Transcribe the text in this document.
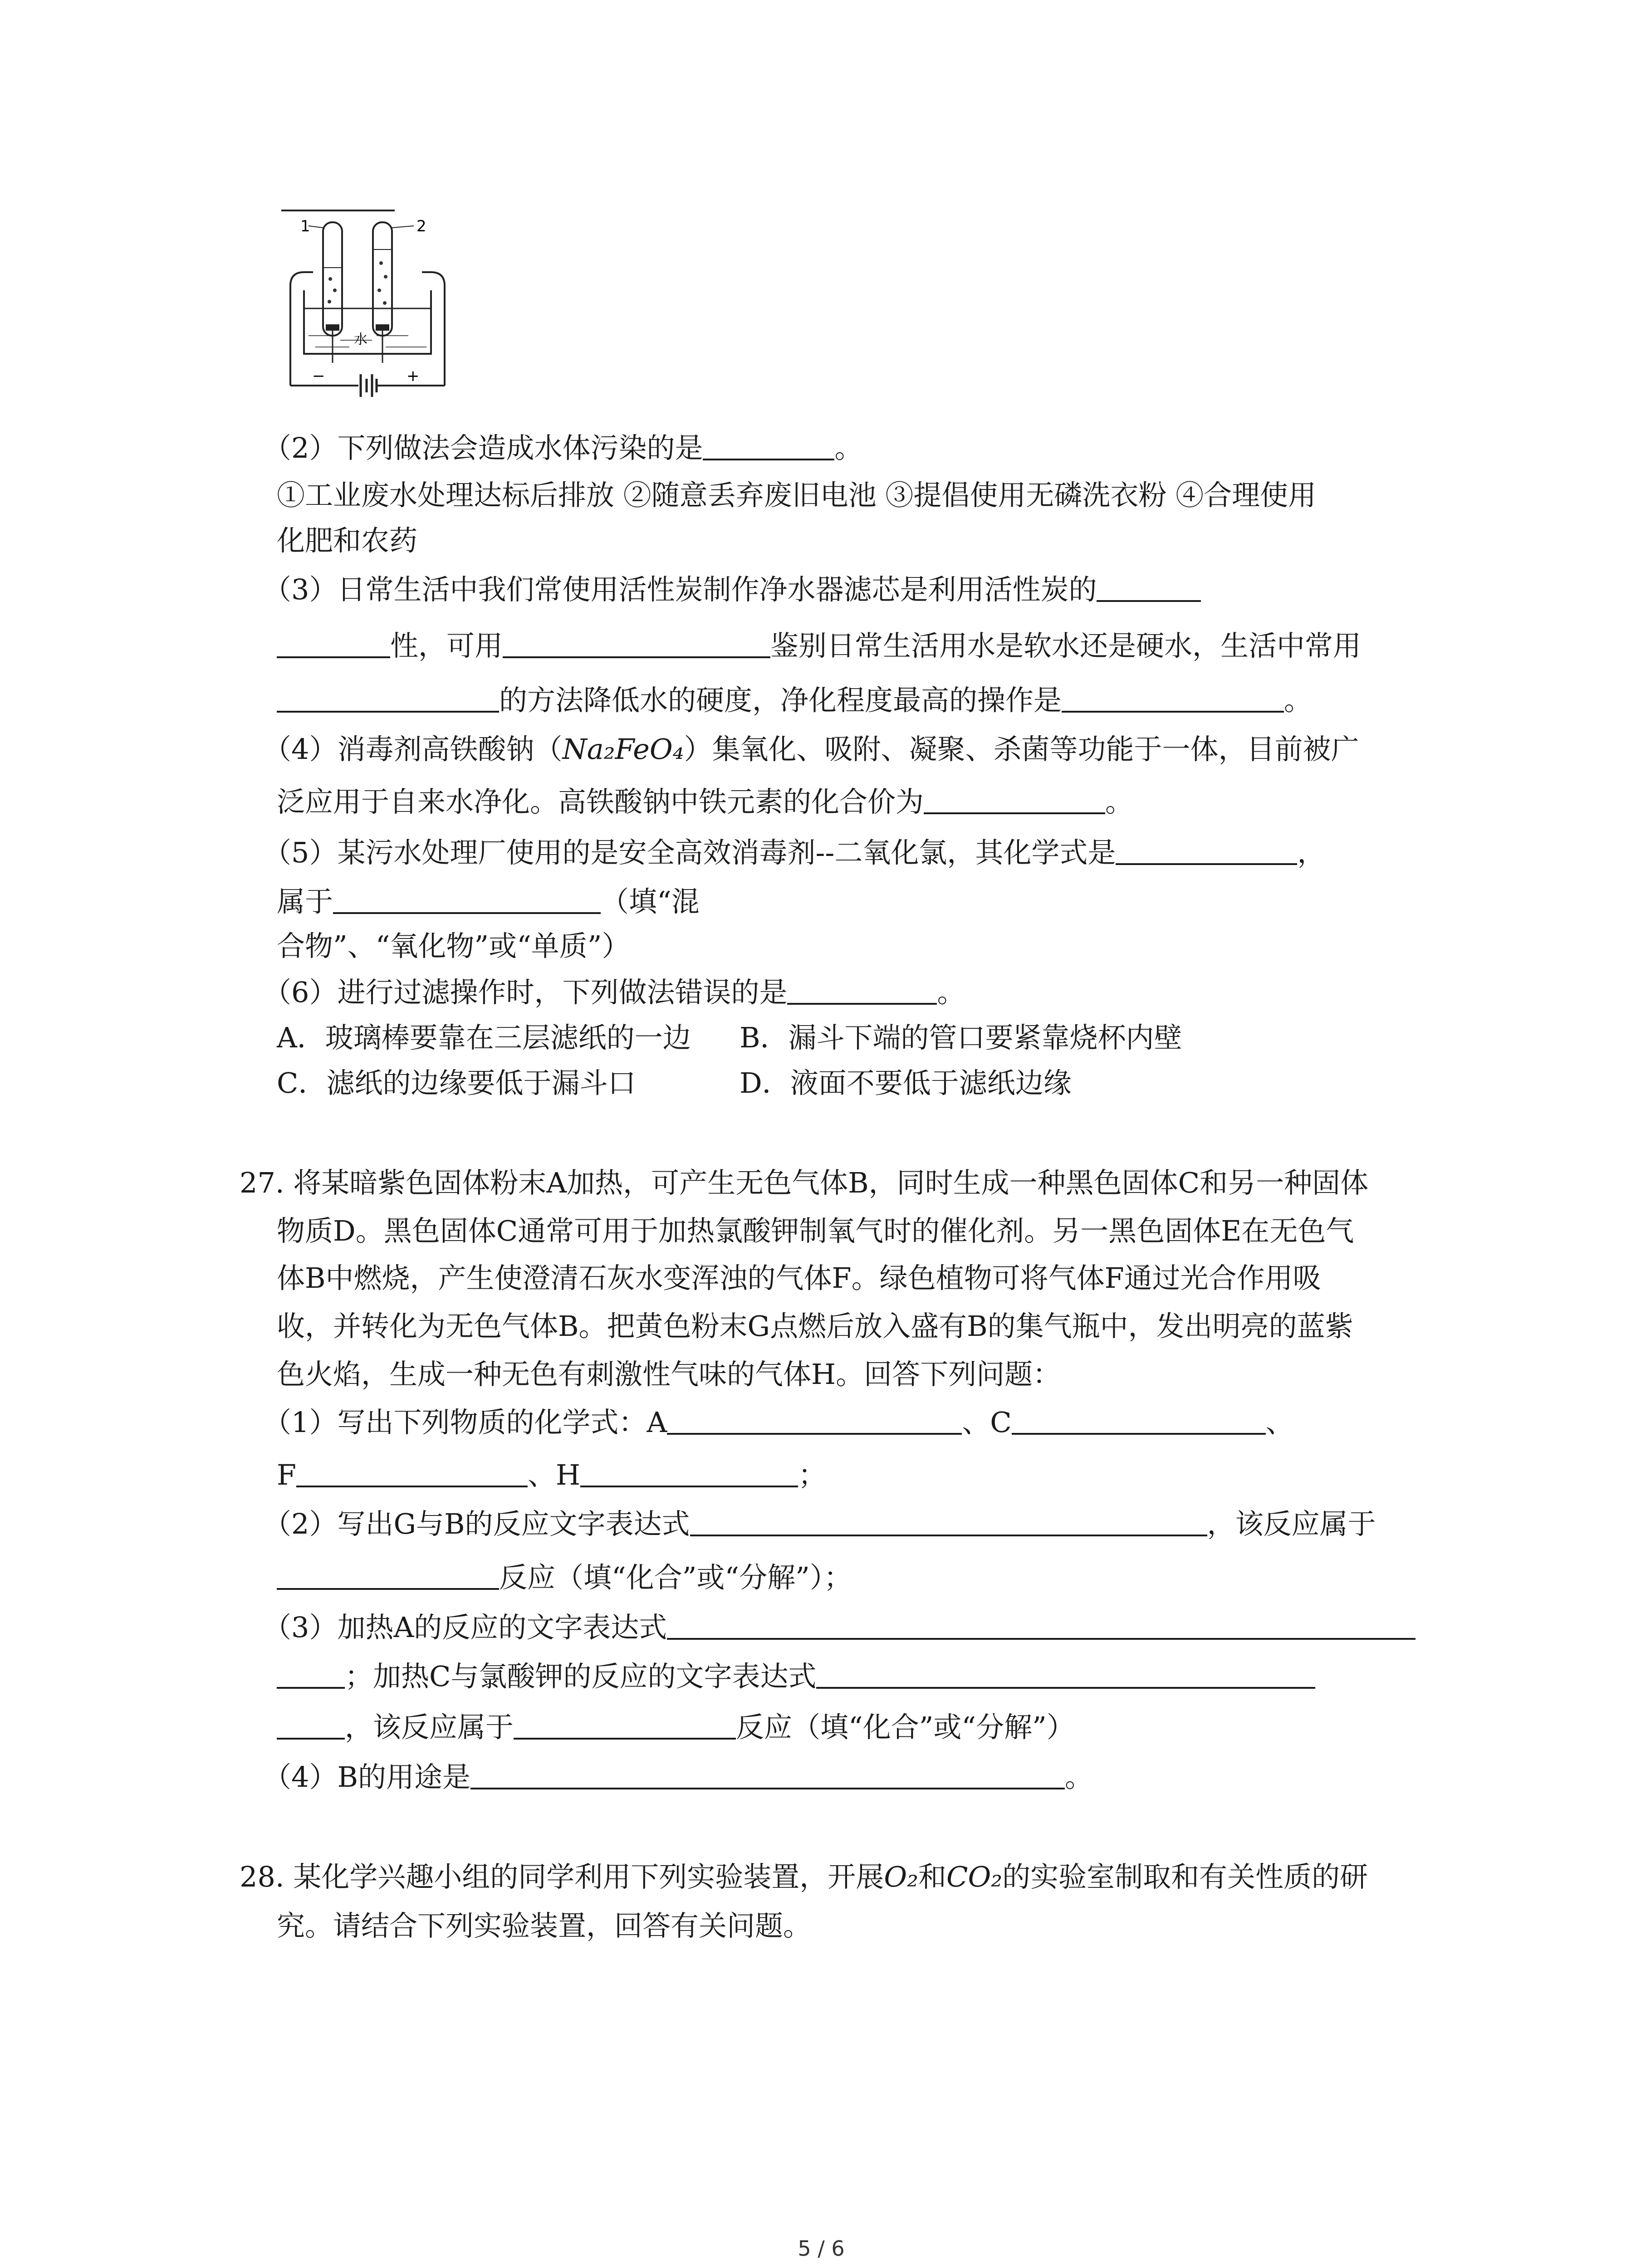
1	2
−	+
水
（2）下列做法会造成水体污染的是	。
①工业废水处理达标后排放 ②随意丢弃废旧电池 ③提倡使用无磷洗衣粉 ④合理使用
化肥和农药
（3）日常生活中我们常使用活性炭制作净水器滤芯是利用活性炭的
性，可用	鉴别日常生活用水是软水还是硬水，生活中常用
的方法降低水的硬度，净化程度最高的操作是	。
（4）消毒剂高铁酸钠（Na₂FeO₄）集氧化、吸附、凝聚、杀菌等功能于一体，目前被广
泛应用于自来水净化。高铁酸钠中铁元素的化合价为	。
（5）某污水处理厂使用的是安全高效消毒剂--二氧化氯，其化学式是	，
属于	（填“混
合物”、“氧化物”或“单质”）
（6）进行过滤操作时，下列做法错误的是	。
A．玻璃棒要靠在三层滤纸的一边 B．漏斗下端的管口要紧靠烧杯内壁
C．滤纸的边缘要低于漏斗口	D．液面不要低于滤纸边缘
27. 将某暗紫色固体粉末A加热，可产生无色气体B，同时生成一种黑色固体C和另一种固体
物质D。黑色固体C通常可用于加热氯酸钾制氧气时的催化剂。另一黑色固体E在无色气
体B中燃烧，产生使澄清石灰水变浑浊的气体F。绿色植物可将气体F通过光合作用吸
收，并转化为无色气体B。把黄色粉末G点燃后放入盛有B的集气瓶中，发出明亮的蓝紫
色火焰，生成一种无色有刺激性气味的气体H。回答下列问题：
（1）写出下列物质的化学式：A	、C	、
F	、H	；
（2）写出G与B的反应文字表达式	，该反应属于
反应（填“化合”或“分解”）；
（3）加热A的反应的文字表达式
；加热C与氯酸钾的反应的文字表达式
，该反应属于	反应（填“化合”或“分解”）
（4）B的用途是	。
28. 某化学兴趣小组的同学利用下列实验装置，开展O₂和CO₂的实验室制取和有关性质的研
究。请结合下列实验装置，回答有关问题。
5 / 6
